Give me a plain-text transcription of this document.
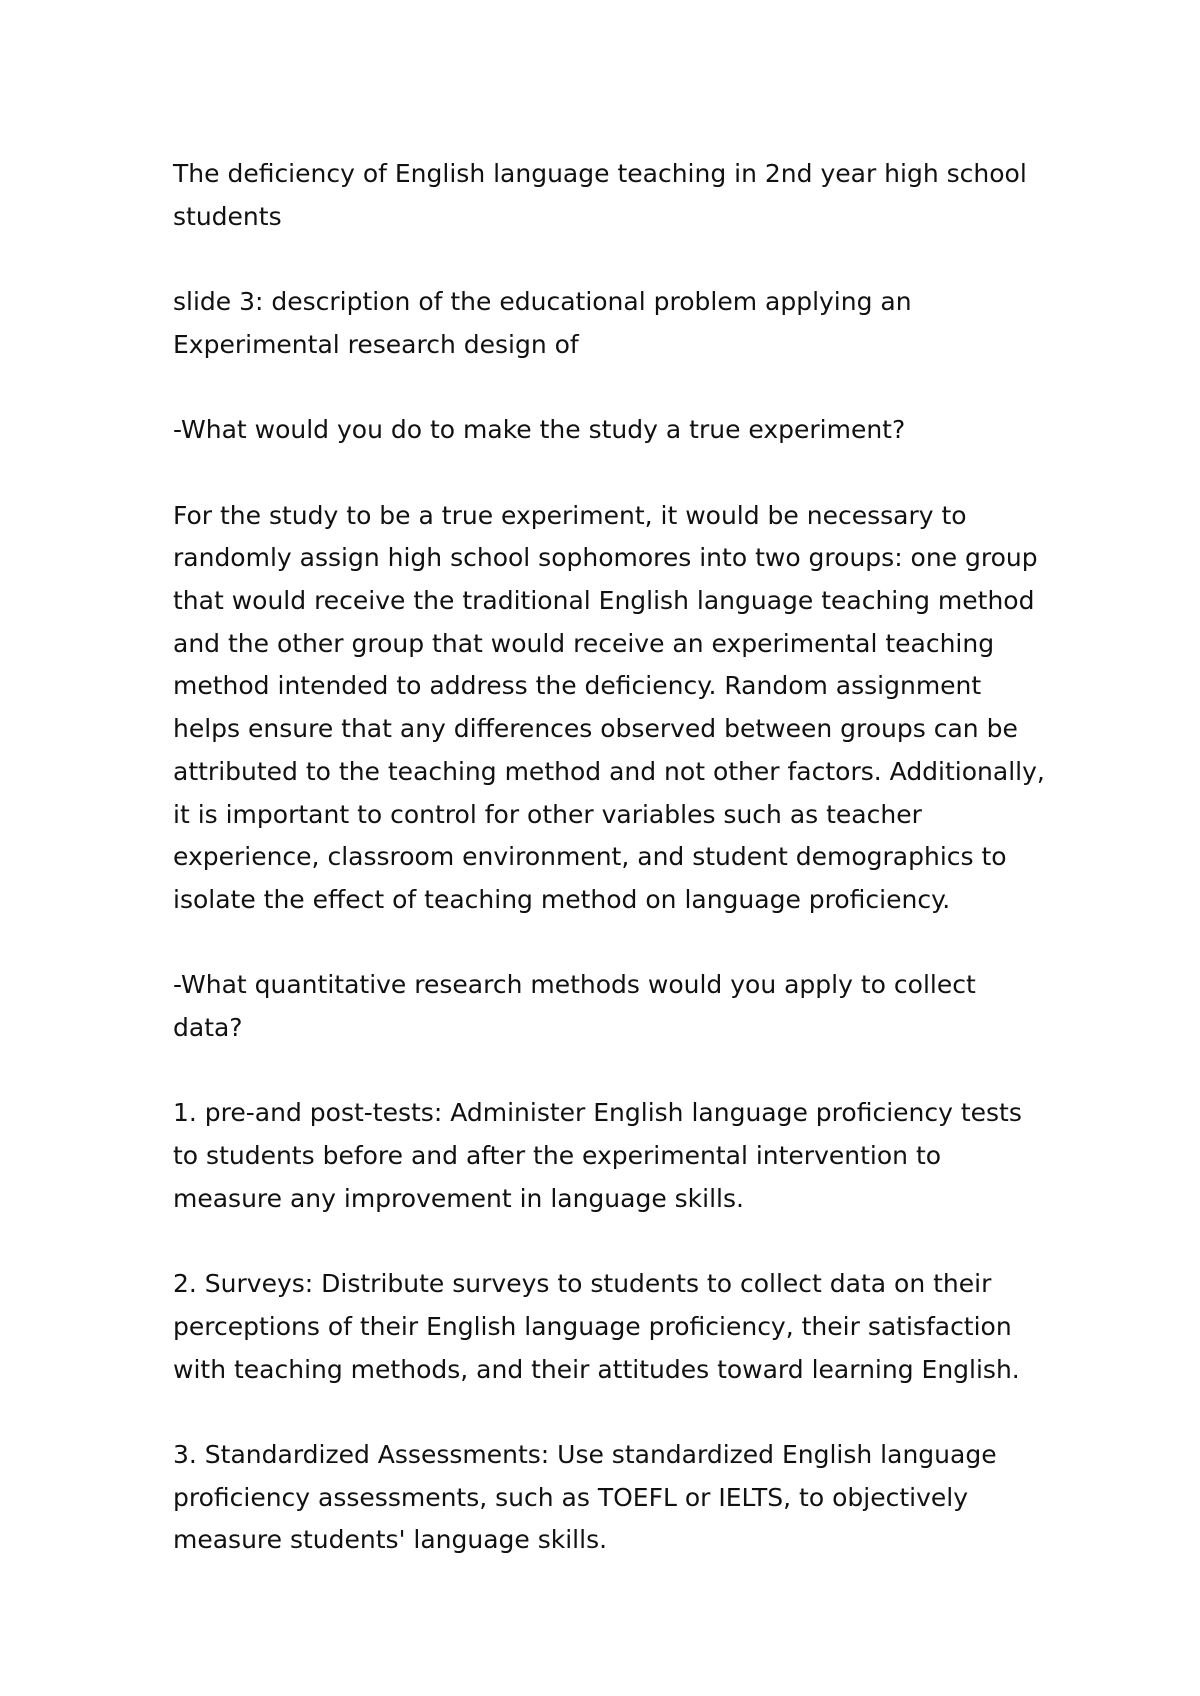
The deficiency of English language teaching in 2nd year high school students

slide 3: description of the educational problem applying an Experimental research design of

-What would you do to make the study a true experiment?

For the study to be a true experiment, it would be necessary to randomly assign high school sophomores into two groups: one group that would receive the traditional English language teaching method and the other group that would receive an experimental teaching method intended to address the deficiency. Random assignment helps ensure that any differences observed between groups can be attributed to the teaching method and not other factors. Additionally, it is important to control for other variables such as teacher experience, classroom environment, and student demographics to isolate the effect of teaching method on language proficiency.

-What quantitative research methods would you apply to collect data?

1. pre-and post-tests: Administer English language proficiency tests to students before and after the experimental intervention to measure any improvement in language skills.

2. Surveys: Distribute surveys to students to collect data on their perceptions of their English language proficiency, their satisfaction with teaching methods, and their attitudes toward learning English.

3. Standardized Assessments: Use standardized English language proficiency assessments, such as TOEFL or IELTS, to objectively measure students' language skills.
